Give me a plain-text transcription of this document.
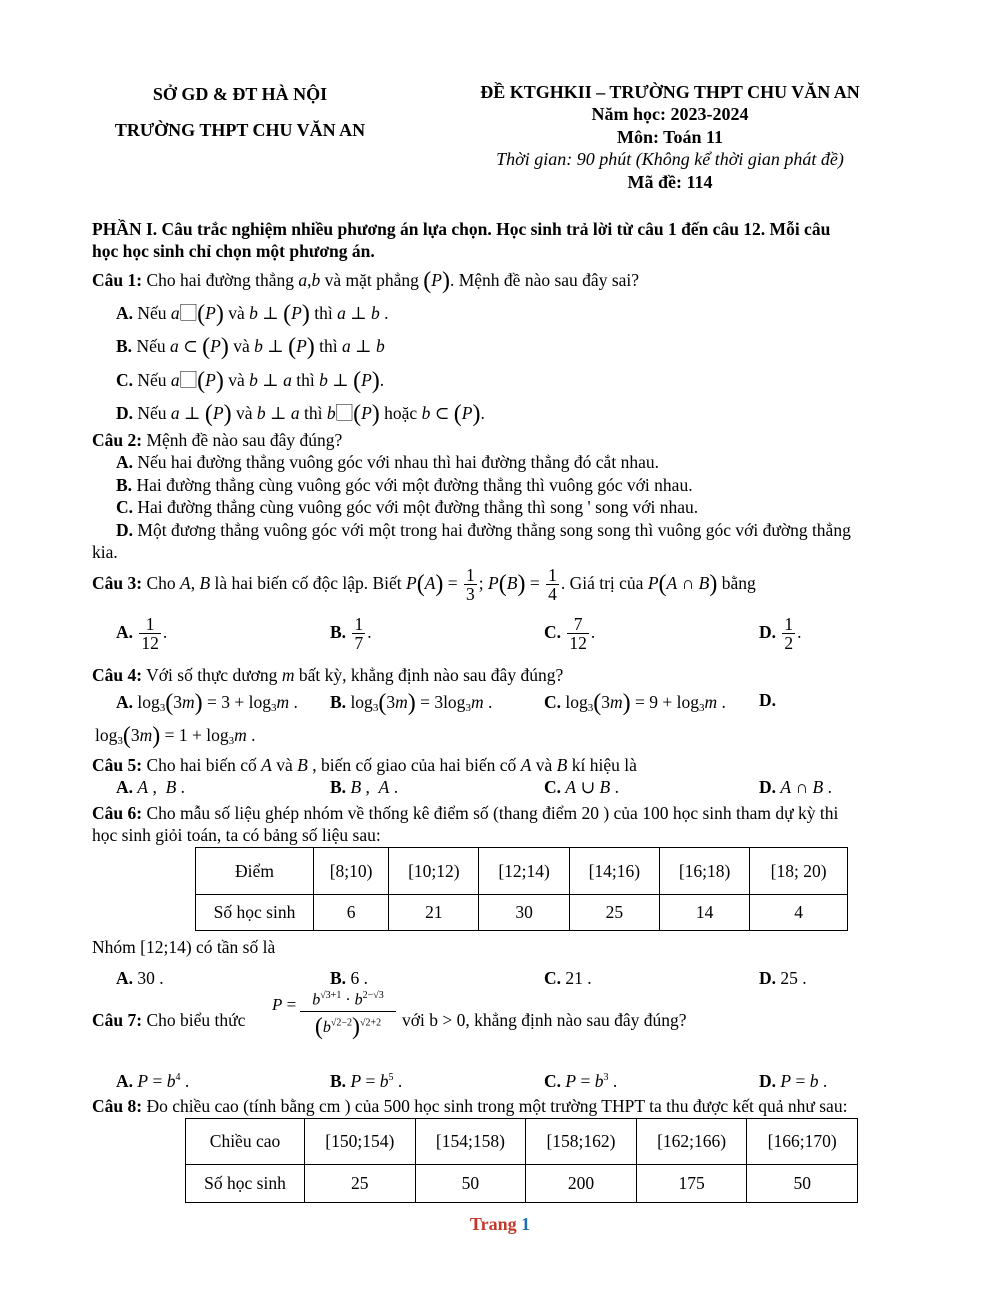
SỞ GD & ĐT HÀ NỘI
TRƯỜNG THPT CHU VĂN AN
ĐỀ KTGHKII – TRƯỜNG THPT CHU VĂN AN
Năm học: 2023-2024
Môn: Toán 11
Thời gian: 90 phút (Không kể thời gian phát đề)
Mã đề: 114
PHẦN I. Câu trắc nghiệm nhiều phương án lựa chọn. Học sinh trả lời từ câu 1 đến câu 12. Mỗi câu
học học sinh chỉ chọn một phương án.
Câu 1: Cho hai đường thẳng a,b và mặt phẳng (P). Mệnh đề nào sau đây sai?
A. Nếu a⃞(P) và b ⊥ (P) thì a ⊥ b .
B. Nếu a ⊂ (P) và b ⊥ (P) thì a ⊥ b
C. Nếu a⃞(P) và b ⊥ a thì b ⊥ (P).
D. Nếu a ⊥ (P) và b ⊥ a thì b⃞(P) hoặc b ⊂ (P).
Câu 2: Mệnh đề nào sau đây đúng?
A. Nếu hai đường thẳng vuông góc với nhau thì hai đường thẳng đó cắt nhau.
B. Hai đường thẳng cùng vuông góc với một đường thẳng thì vuông góc với nhau.
C. Hai đường thẳng cùng vuông góc với một đường thẳng thì song ' song với nhau.
D. Một đương thẳng vuông góc với một trong hai đường thẳng song song thì vuông góc với đường thẳng
kia.
Câu 3: Cho A, B là hai biến cố độc lập. Biết $P(A) = \frac{1}{3}$ ; $P(B) = \frac{1}{4}$ . Giá trị của P(A ∩ B) bằng
A. $\frac{1}{12}$ .	B. $\frac{1}{7}$ .	C. $\frac{7}{12}$ .	D. $\frac{1}{2}$ .
Câu 4: Với số thực dương m bất kỳ, khẳng định nào sau đây đúng?
A. $\log_3(3m) = 3 + \log_3m$ . B. $\log_3(3m) = 3\log_3m$ .	C. $\log_3(3m) = 9 + \log_3m$ . D.
$\log_3(3m) = 1 + \log_3m$ .
Câu 5: Cho hai biến cố A và B , biến cố giao của hai biến cố A và B kí hiệu là
A. A ,  B .	B. B ,  A .	C. A ∪ B .	D. A ∩ B .
Câu 6: Cho mẫu số liệu ghép nhóm về thống kê điểm số (thang điểm 20 ) của 100 học sinh tham dự kỳ thi
học sinh giỏi toán, ta có bảng số liệu sau:
Điểm	[8;10)	[10;12)	[12;14)	[14;16)	[16;18)	[18; 20)
Số học sinh	6	21	30	25	14	4
Nhóm [12;14) có tần số là
A. 30 .	B. 6 .	C. 21 .	D. 25 .
Câu 7: Cho biểu thức
$P = b^{√3+1} \cdot b^{2-√3}$
$(b^{√2-2})^{√2+2}$	với b > 0, khẳng định nào sau đây đúng?
A. $P = b^4$ .	B. $P = b^5$ .	C. $P = b^3$ .	D. P = b .
Câu 8: Đo chiều cao (tính bằng cm ) của 500 học sinh trong một trường THPT ta thu được kết quả như sau:
Chiều cao	[150;154)	[154;158)	[158;162)	[162;166)	[166;170)
Số học sinh	25	50	200	175	50
Trang 1
